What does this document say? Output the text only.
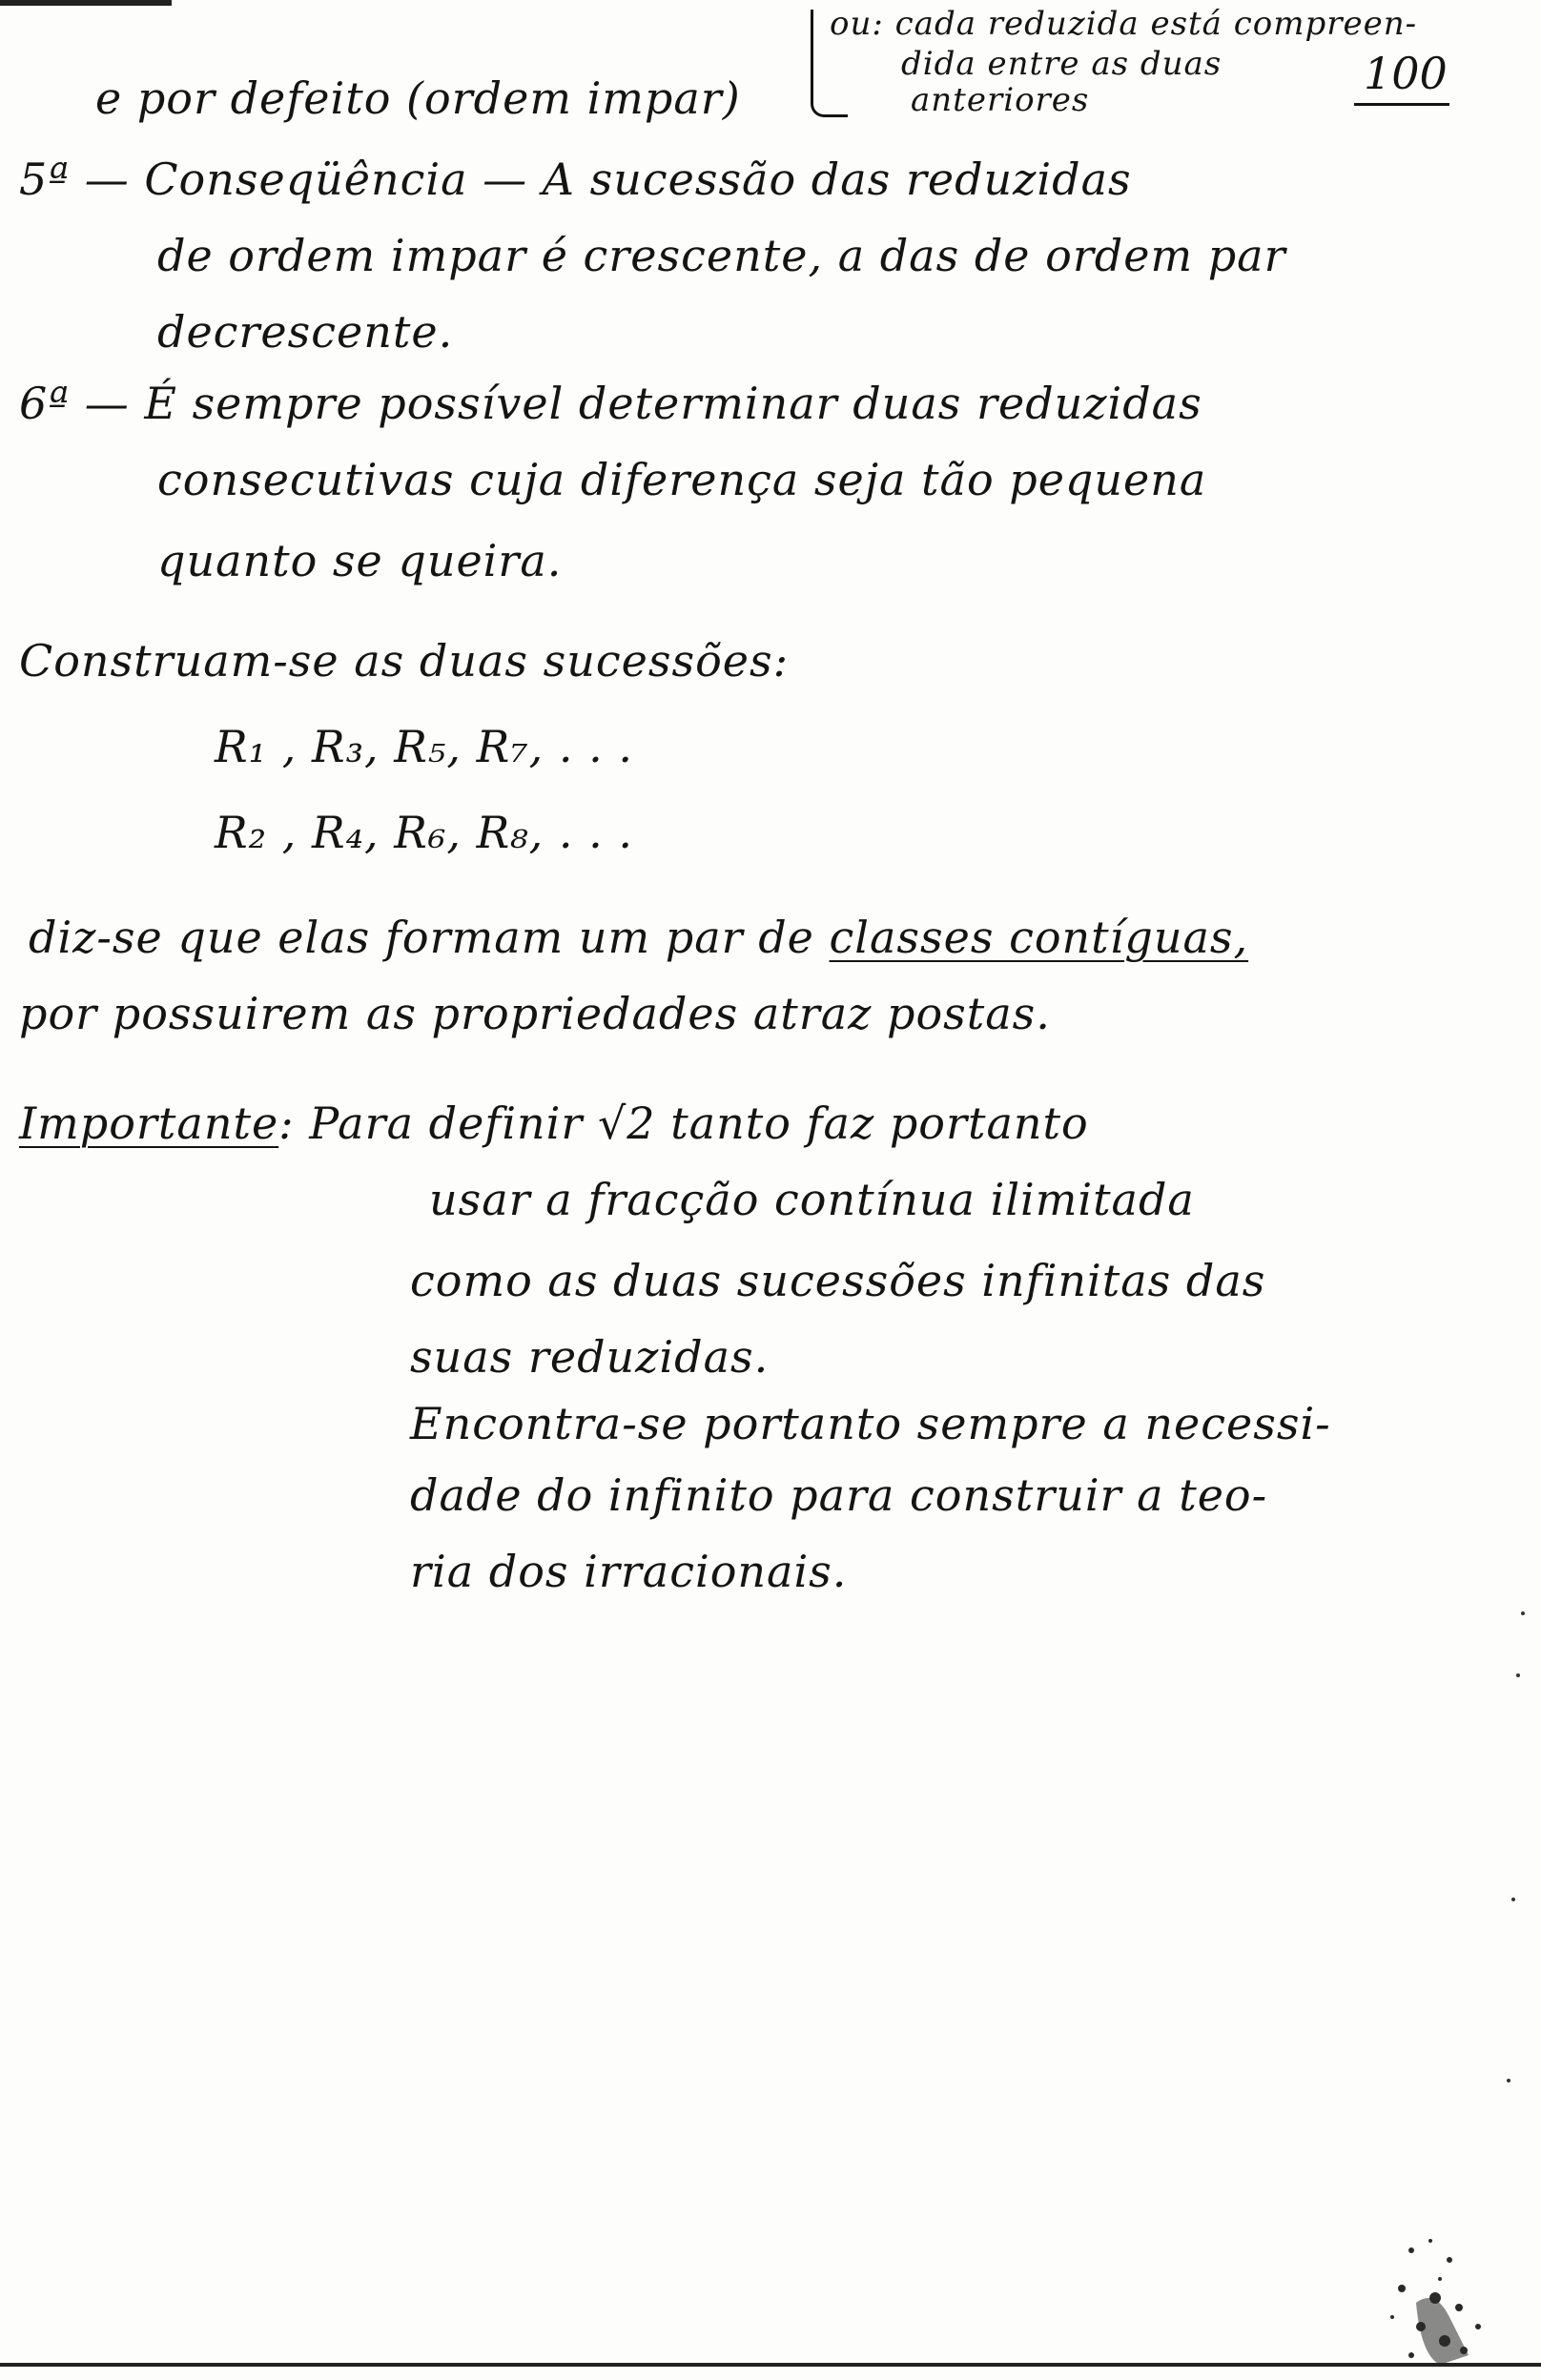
ou: cada reduzida está compreen-
dida entre as duas
anteriores
100
e por defeito (ordem impar)
5ª — Conseqüência — A sucessão das reduzidas
de ordem impar é crescente, a das de ordem par
decrescente.
6ª — É sempre possível determinar duas reduzidas
consecutivas cuja diferença seja tão pequena
quanto se queira.
Construam-se as duas sucessões:
R₁ , R₃, R₅, R₇, . . .
R₂ , R₄, R₆, R₈, . . .
diz-se que elas formam um par de classes contíguas,
por possuirem as propriedades atraz postas.
Importante: Para definir √2 tanto faz portanto
usar a fracção contínua ilimitada
como as duas sucessões infinitas das
suas reduzidas.
Encontra-se portanto sempre a necessi-
dade do infinito para construir a teo-
ria dos irracionais.
